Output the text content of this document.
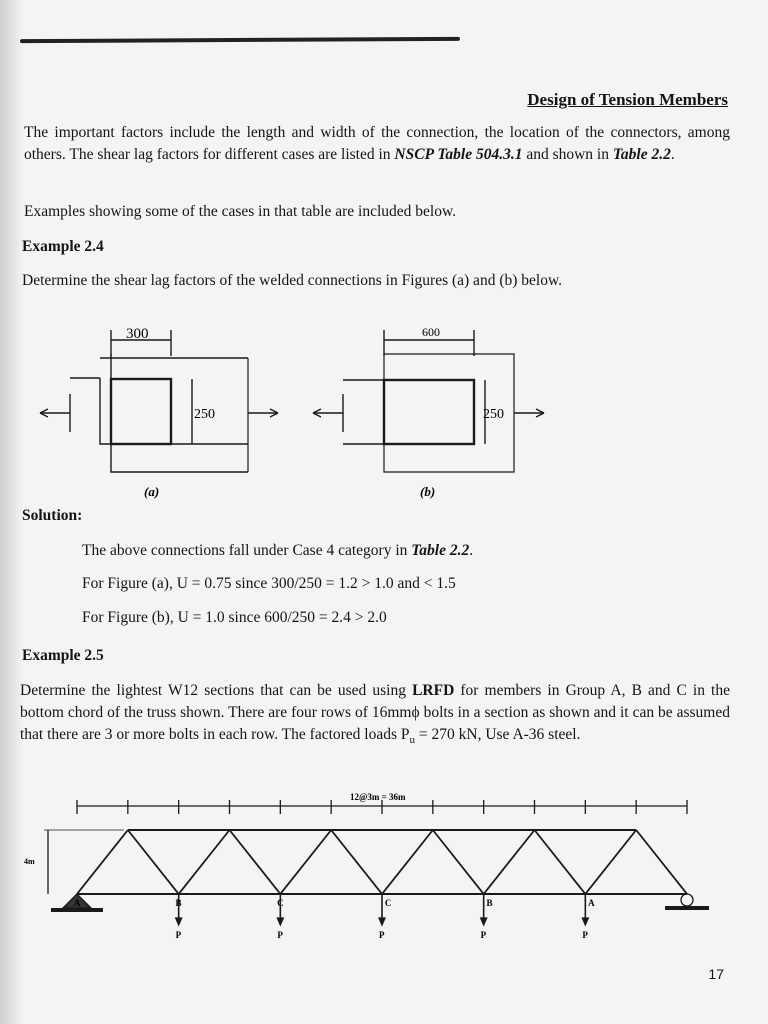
Design of Tension Members
The important factors include the length and width of the connection, the location of the connectors, among others. The shear lag factors for different cases are listed in NSCP Table 504.3.1 and shown in Table 2.2.
Examples showing some of the cases in that table are included below.
Example 2.4
Determine the shear lag factors of the welded connections in Figures (a) and (b) below.
300
250
600
250
(a)	(b)
Solution:
The above connections fall under Case 4 category in Table 2.2.
For Figure (a), U = 0.75 since 300/250 = 1.2 > 1.0 and < 1.5
For Figure (b), U = 1.0 since 600/250 = 2.4 > 2.0
Example 2.5
Determine the lightest W12 sections that can be used using LRFD for members in Group A, B and C in the bottom chord of the truss shown. There are four rows of 16mmϕ bolts in a section as shown and it can be assumed that there are 3 or more bolts in each row. The factored loads $P_u = 270$ kN, Use A-36 steel.
12@3m = 36m
4m
A	B	C	C	B	A
P	P	P	P	P
17
